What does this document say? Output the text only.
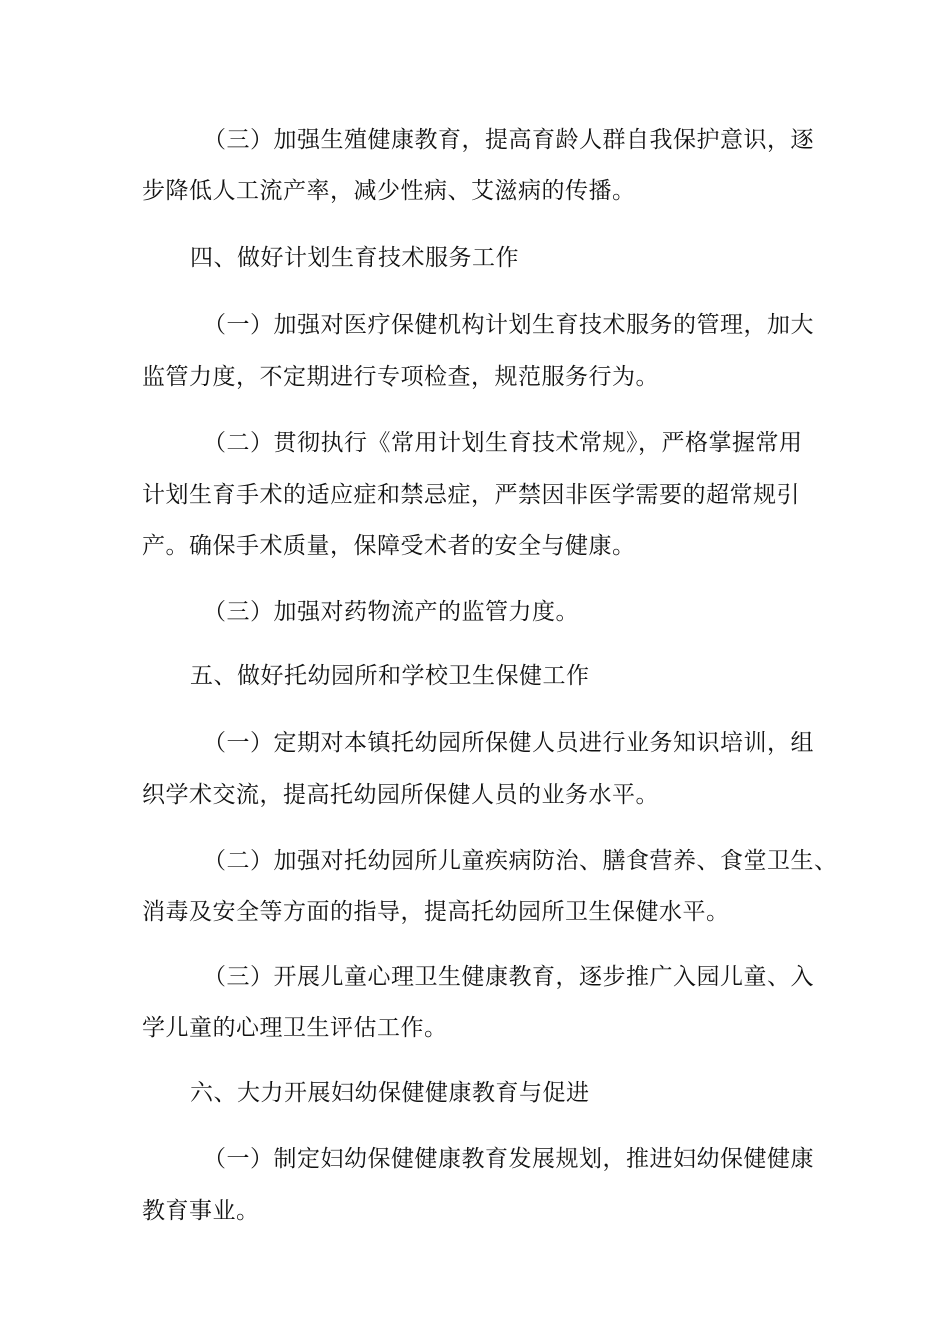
（三）加强生殖健康教育，提高育龄人群自我保护意识，逐
步降低人工流产率，减少性病、艾滋病的传播。
四、做好计划生育技术服务工作
（一）加强对医疗保健机构计划生育技术服务的管理，加大
监管力度，不定期进行专项检查，规范服务行为。
（二）贯彻执行《常用计划生育技术常规》，严格掌握常用
计划生育手术的适应症和禁忌症，严禁因非医学需要的超常规引
产。确保手术质量，保障受术者的安全与健康。
（三）加强对药物流产的监管力度。
五、做好托幼园所和学校卫生保健工作
（一）定期对本镇托幼园所保健人员进行业务知识培训，组
织学术交流，提高托幼园所保健人员的业务水平。
（二）加强对托幼园所儿童疾病防治、膳食营养、食堂卫生、
消毒及安全等方面的指导，提高托幼园所卫生保健水平。
（三）开展儿童心理卫生健康教育，逐步推广入园儿童、入
学儿童的心理卫生评估工作。
六、大力开展妇幼保健健康教育与促进
（一）制定妇幼保健健康教育发展规划，推进妇幼保健健康
教育事业。
